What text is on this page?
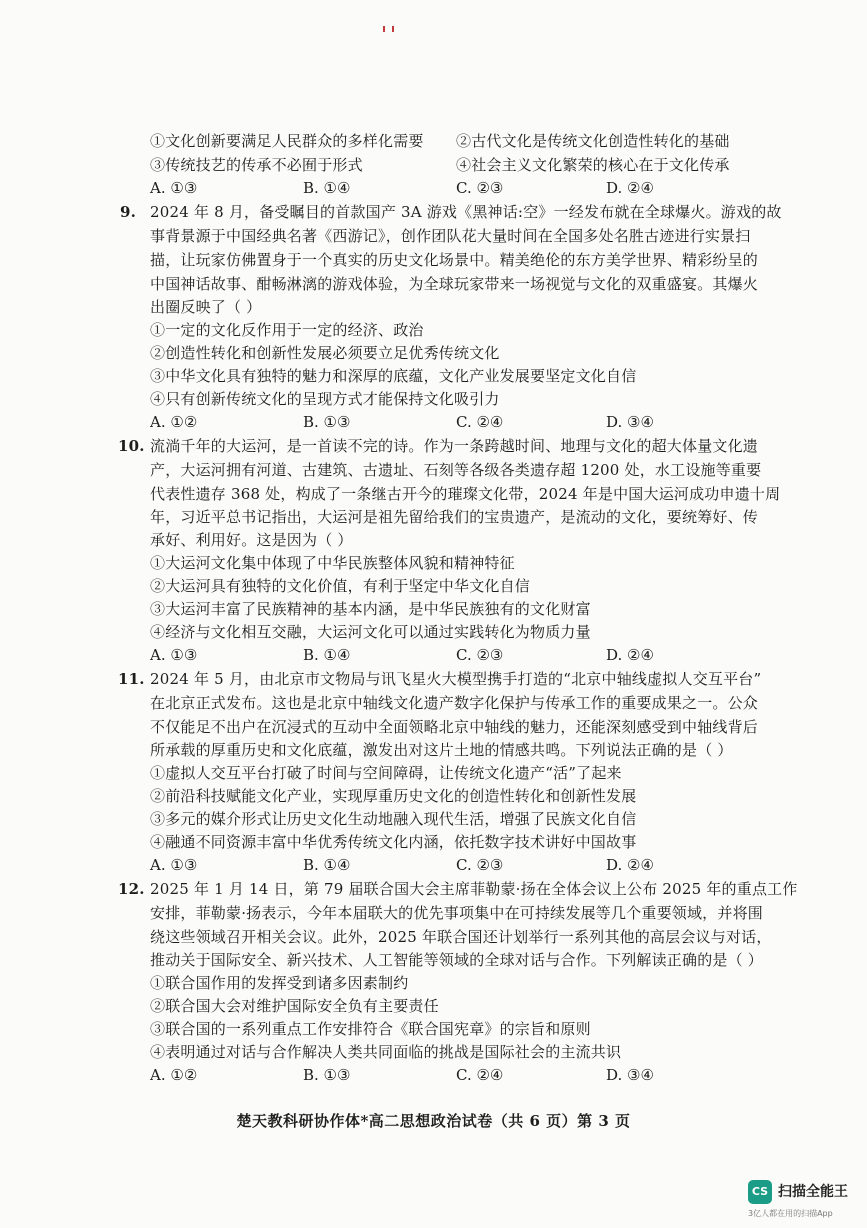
①文化创新要满足人民群众的多样化需要 ②古代文化是传统文化创造性转化的基础
③传统技艺的传承不必囿于形式	④社会主义文化繁荣的核心在于文化传承
A. ①③	B. ①④	C. ②③	D. ②④
9. 2024 年 8 月，备受瞩目的首款国产 3A 游戏《黑神话:空》一经发布就在全球爆火。游戏的故
事背景源于中国经典名著《西游记》，创作团队花大量时间在全国多处名胜古迹进行实景扫
描，让玩家仿佛置身于一个真实的历史文化场景中。精美绝伦的东方美学世界、精彩纷呈的
中国神话故事、酣畅淋漓的游戏体验，为全球玩家带来一场视觉与文化的双重盛宴。其爆火
出圈反映了（ ）
①一定的文化反作用于一定的经济、政治
②创造性转化和创新性发展必须要立足优秀传统文化
③中华文化具有独特的魅力和深厚的底蕴，文化产业发展要坚定文化自信
④只有创新传统文化的呈现方式才能保持文化吸引力
A. ①②	B. ①③	C. ②④	D. ③④
10. 流淌千年的大运河，是一首读不完的诗。作为一条跨越时间、地理与文化的超大体量文化遗
产，大运河拥有河道、古建筑、古遗址、石刻等各级各类遗存超 1200 处，水工设施等重要
代表性遗存 368 处，构成了一条继古开今的璀璨文化带，2024 年是中国大运河成功申遗十周
年，习近平总书记指出，大运河是祖先留给我们的宝贵遗产，是流动的文化，要统筹好、传
承好、利用好。这是因为（ ）
①大运河文化集中体现了中华民族整体风貌和精神特征
②大运河具有独特的文化价值，有利于坚定中华文化自信
③大运河丰富了民族精神的基本内涵，是中华民族独有的文化财富
④经济与文化相互交融，大运河文化可以通过实践转化为物质力量
A. ①③	B. ①④	C. ②③	D. ②④
11. 2024 年 5 月，由北京市文物局与讯飞星火大模型携手打造的“北京中轴线虚拟人交互平台”
在北京正式发布。这也是北京中轴线文化遗产数字化保护与传承工作的重要成果之一。公众
不仅能足不出户在沉浸式的互动中全面领略北京中轴线的魅力，还能深刻感受到中轴线背后
所承载的厚重历史和文化底蕴，激发出对这片土地的情感共鸣。下列说法正确的是（ ）
①虚拟人交互平台打破了时间与空间障碍，让传统文化遗产“活”了起来
②前沿科技赋能文化产业，实现厚重历史文化的创造性转化和创新性发展
③多元的媒介形式让历史文化生动地融入现代生活，增强了民族文化自信
④融通不同资源丰富中华优秀传统文化内涵，依托数字技术讲好中国故事
A. ①③	B. ①④	C. ②③	D. ②④
12. 2025 年 1 月 14 日，第 79 届联合国大会主席菲勒蒙·扬在全体会议上公布 2025 年的重点工作
安排，菲勒蒙·扬表示，今年本届联大的优先事项集中在可持续发展等几个重要领域，并将围
绕这些领域召开相关会议。此外，2025 年联合国还计划举行一系列其他的高层会议与对话，
推动关于国际安全、新兴技术、人工智能等领域的全球对话与合作。下列解读正确的是（ ）
①联合国作用的发挥受到诸多因素制约
②联合国大会对维护国际安全负有主要责任
③联合国的一系列重点工作安排符合《联合国宪章》的宗旨和原则
④表明通过对话与合作解决人类共同面临的挑战是国际社会的主流共识
A. ①②	B. ①③	C. ②④	D. ③④
楚天教科研协作体*高二思想政治试卷（共 6 页）第 3 页
CS 扫描全能王
3亿人都在用的扫描App
